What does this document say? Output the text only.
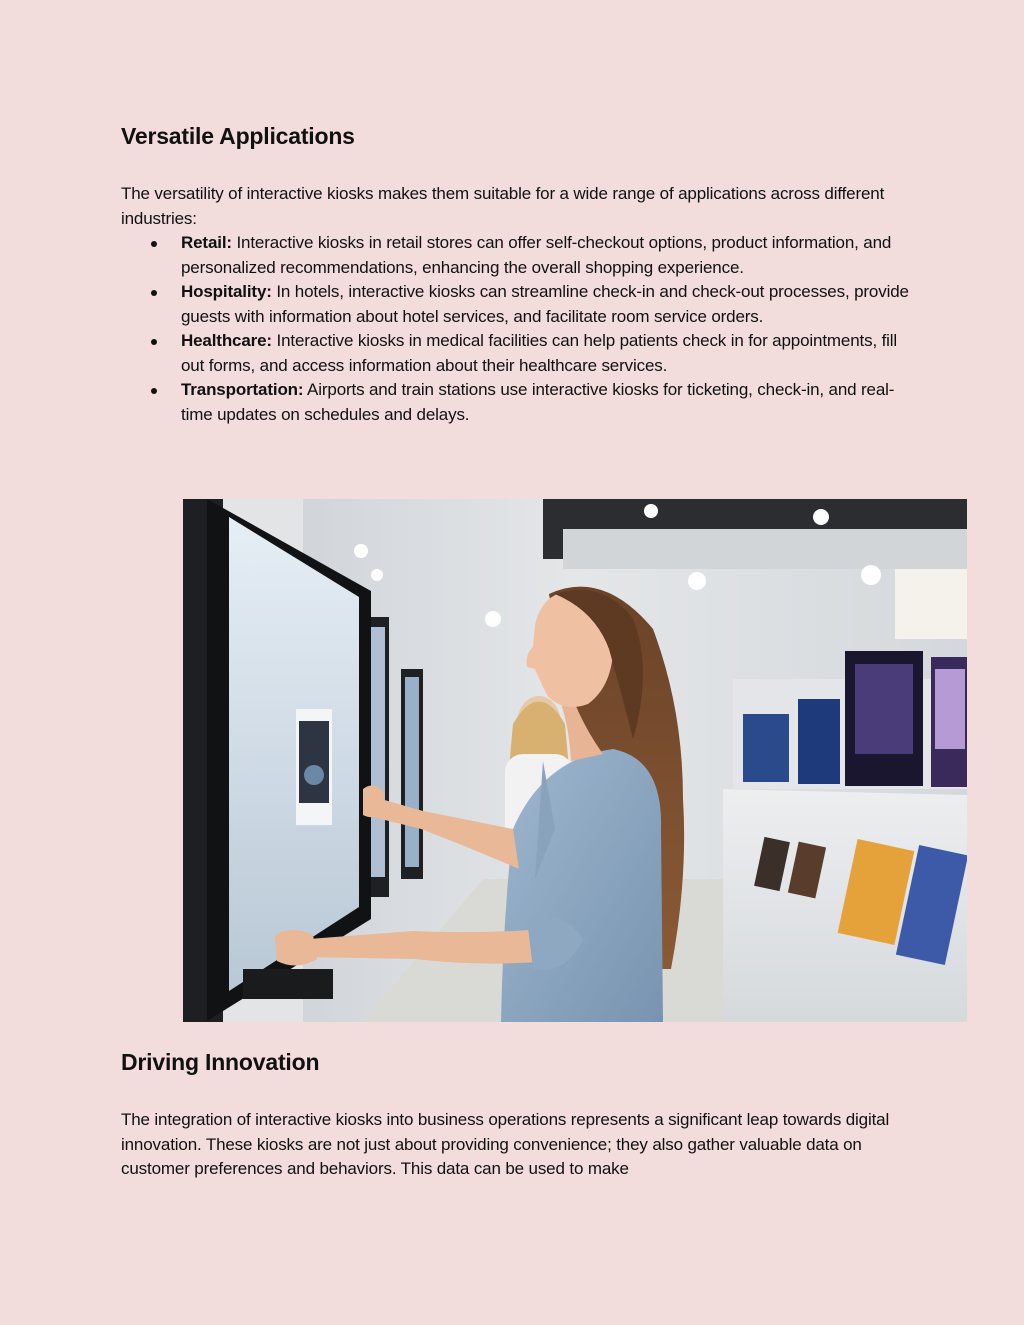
Versatile Applications

The versatility of interactive kiosks makes them suitable for a wide range of applications across different industries:

Retail: Interactive kiosks in retail stores can offer self-checkout options, product information, and personalized recommendations, enhancing the overall shopping experience.
Hospitality: In hotels, interactive kiosks can streamline check-in and check-out processes, provide guests with information about hotel services, and facilitate room service orders.
Healthcare: Interactive kiosks in medical facilities can help patients check in for appointments, fill out forms, and access information about their healthcare services.
Transportation: Airports and train stations use interactive kiosks for ticketing, check-in, and real-time updates on schedules and delays.
Driving Innovation

The integration of interactive kiosks into business operations represents a significant leap towards digital innovation. These kiosks are not just about providing convenience; they also gather valuable data on customer preferences and behaviors. This data can be used to make
